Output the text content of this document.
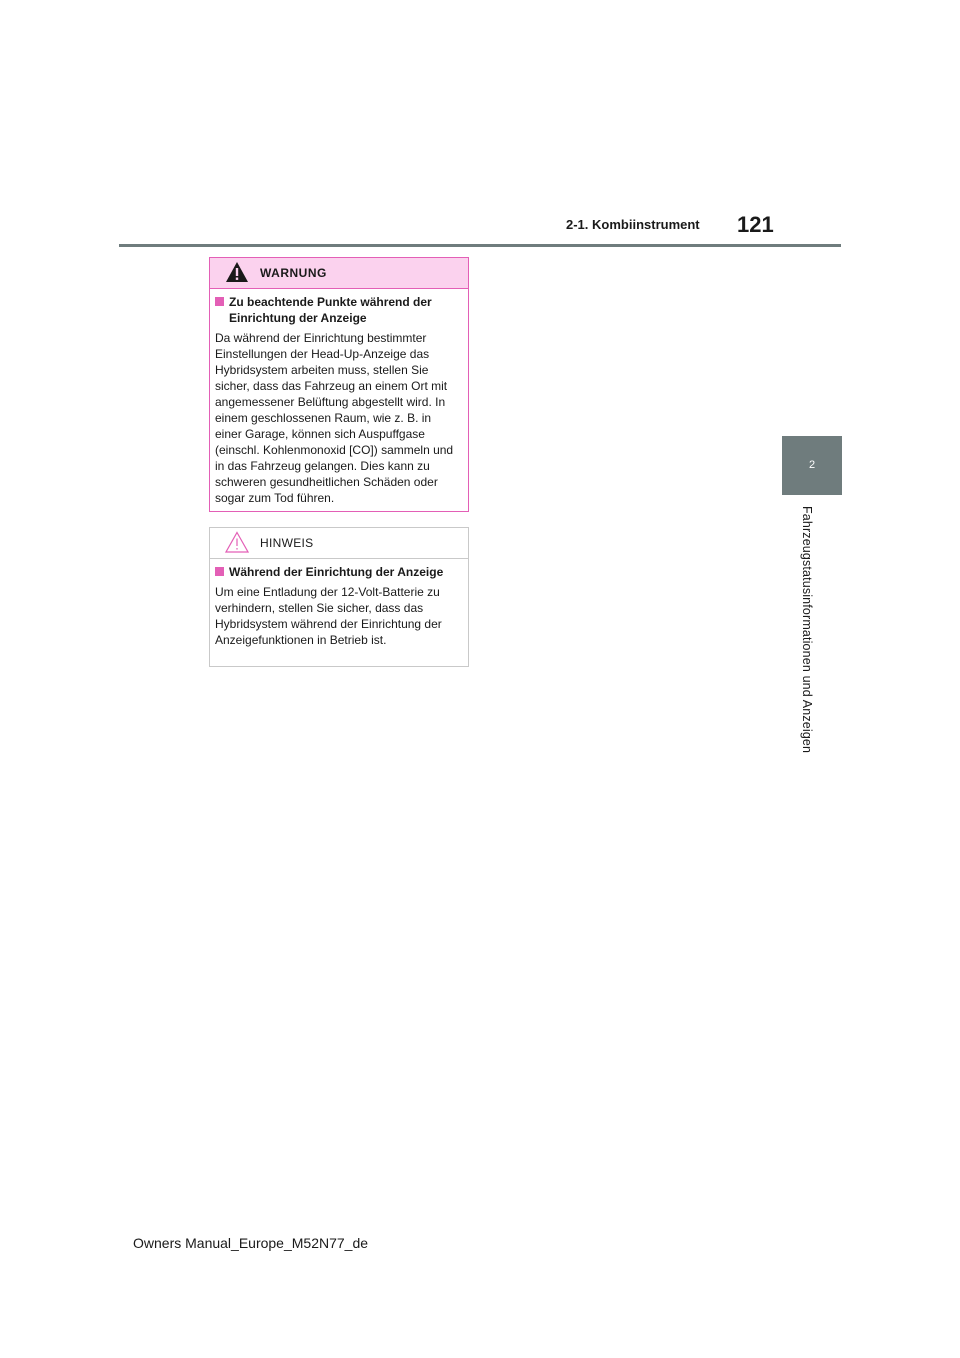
2-1. Kombiinstrument 121
2
Fahrzeugstatusinformationen und Anzeigen
WARNUNG
Zu beachtende Punkte während der Einrichtung der Anzeige
Da während der Einrichtung bestimmter Einstellungen der Head-Up-Anzeige das Hybridsystem arbeiten muss, stellen Sie sicher, dass das Fahrzeug an einem Ort mit angemessener Belüftung abgestellt wird. In einem geschlossenen Raum, wie z. B. in einer Garage, können sich Auspuffgase (einschl. Kohlenmonoxid [CO]) sammeln und in das Fahrzeug gelangen. Dies kann zu schweren gesundheitlichen Schäden oder sogar zum Tod führen.
HINWEIS
Während der Einrichtung der Anzeige
Um eine Entladung der 12-Volt-Batterie zu verhindern, stellen Sie sicher, dass das Hybridsystem während der Einrichtung der Anzeigefunktionen in Betrieb ist.
Owners Manual_Europe_M52N77_de
